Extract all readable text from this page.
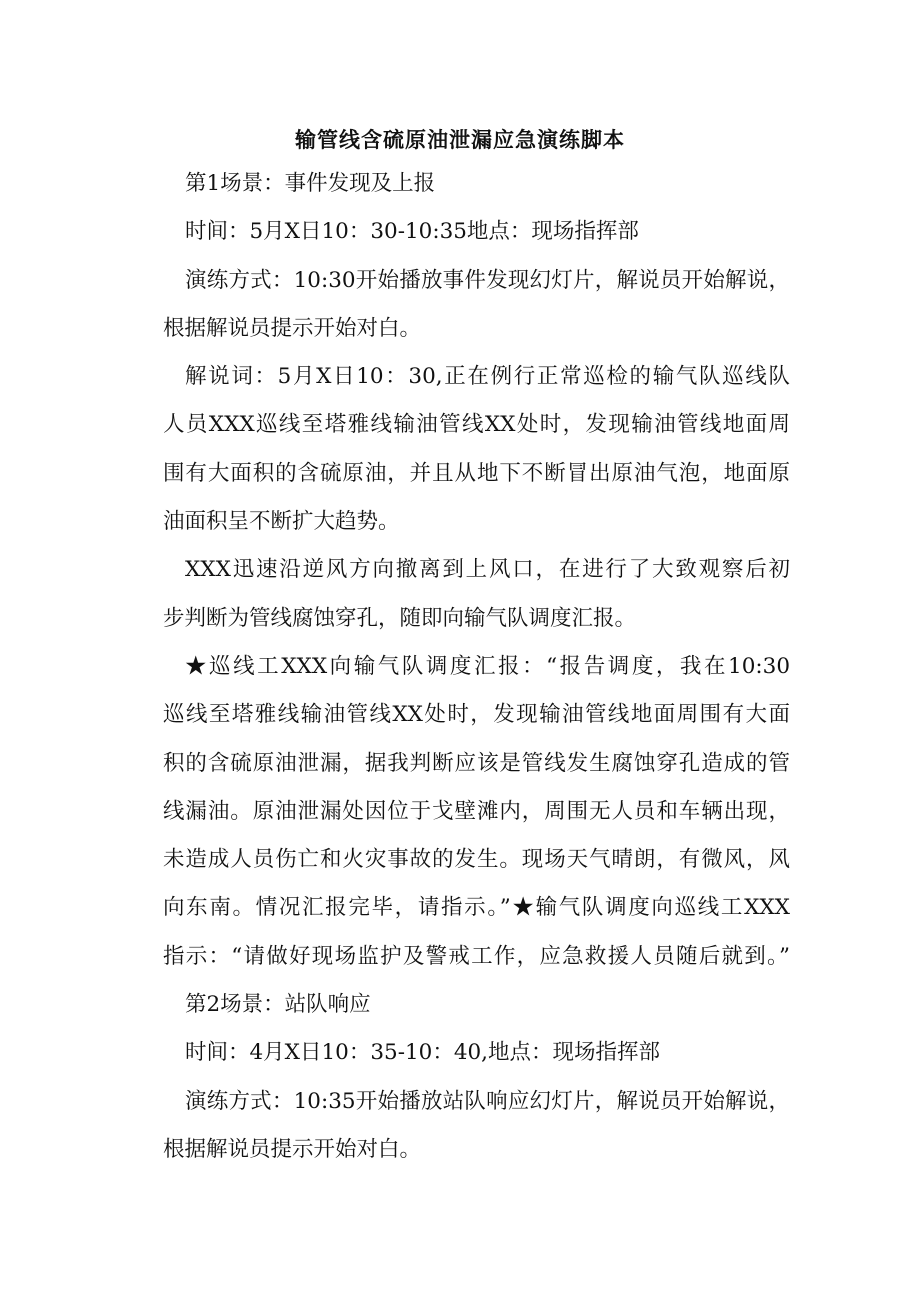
输管线含硫原油泄漏应急演练脚本
第1场景：事件发现及上报
时间：5月X日10：30-10:35地点：现场指挥部
演练方式：10:30开始播放事件发现幻灯片，解说员开始解说，
根据解说员提示开始对白。
解说词：5月X日10：30,正在例行正常巡检的输气队巡线队
人员XXX巡线至塔雅线输油管线XX处时，发现输油管线地面周
围有大面积的含硫原油，并且从地下不断冒出原油气泡，地面原
油面积呈不断扩大趋势。
XXX迅速沿逆风方向撤离到上风口，在进行了大致观察后初
步判断为管线腐蚀穿孔，随即向输气队调度汇报。
★巡线工XXX向输气队调度汇报：“报告调度，我在10:30
巡线至塔雅线输油管线XX处时，发现输油管线地面周围有大面
积的含硫原油泄漏，据我判断应该是管线发生腐蚀穿孔造成的管
线漏油。原油泄漏处因位于戈壁滩内，周围无人员和车辆出现，
未造成人员伤亡和火灾事故的发生。现场天气晴朗，有微风，风
向东南。情况汇报完毕，请指示。”★输气队调度向巡线工XXX
指示：“请做好现场监护及警戒工作，应急救援人员随后就到。”
第2场景：站队响应
时间：4月X日10：35-10：40,地点：现场指挥部
演练方式：10:35开始播放站队响应幻灯片，解说员开始解说，
根据解说员提示开始对白。
